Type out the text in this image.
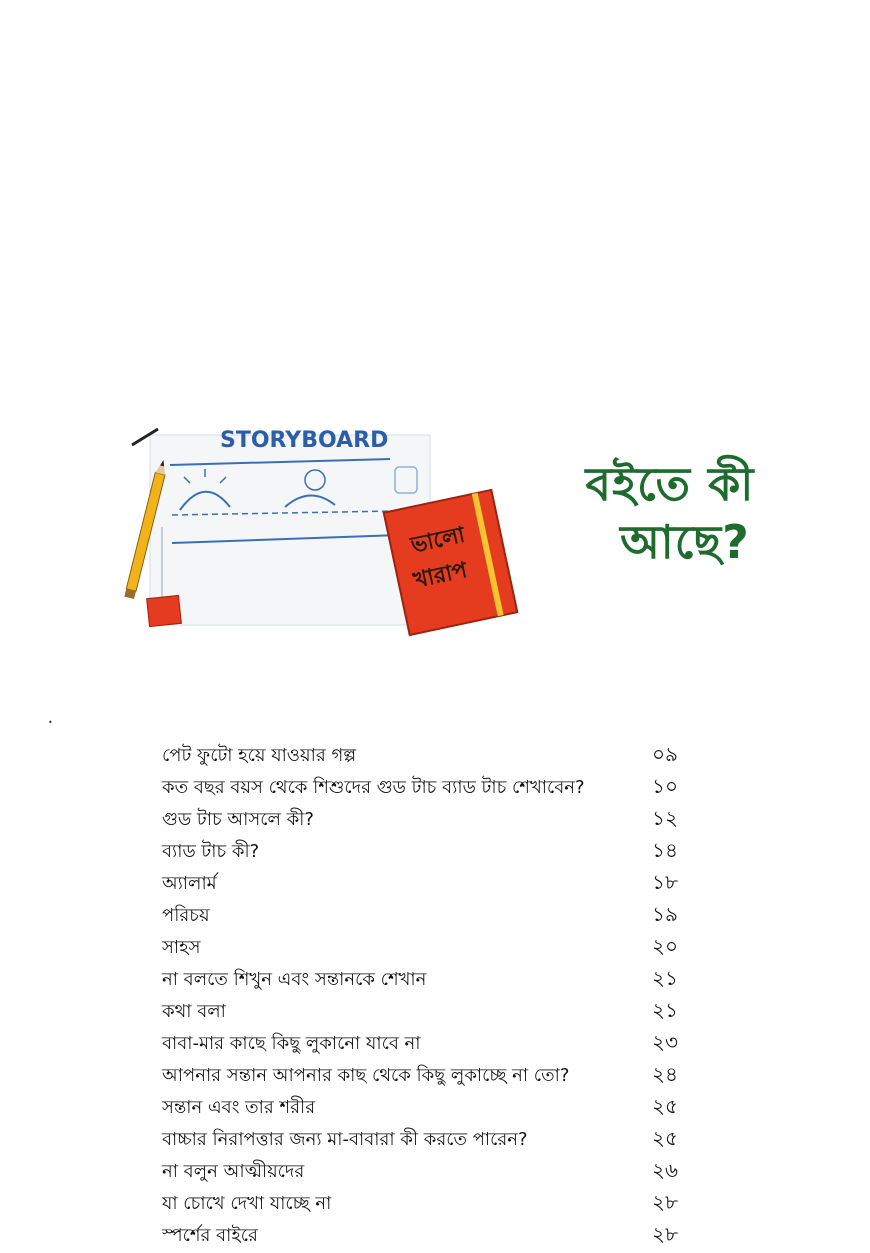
STORYBOARD
ভালো
খারাপ
বইতে কী
আছে?
•
পেট ফুটো হয়ে যাওয়ার গল্প	০৯
কত বছর বয়স থেকে শিশুদের গুড টাচ ব্যাড টাচ শেখাবেন?	১০
গুড টাচ আসলে কী?	১২
ব্যাড টাচ কী?	১৪
অ্যালার্ম	১৮
পরিচয়	১৯
সাহস	২০
না বলতে শিখুন এবং সন্তানকে শেখান	২১
কথা বলা	২১
বাবা-মার কাছে কিছু লুকানো যাবে না	২৩
আপনার সন্তান আপনার কাছ থেকে কিছু লুকাচ্ছে না তো?	২৪
সন্তান এবং তার শরীর	২৫
বাচ্চার নিরাপত্তার জন্য মা-বাবারা কী করতে পারেন?	২৫
না বলুন আত্মীয়দের	২৬
যা চোখে দেখা যাচ্ছে না	২৮
স্পর্শের বাইরে	২৮
